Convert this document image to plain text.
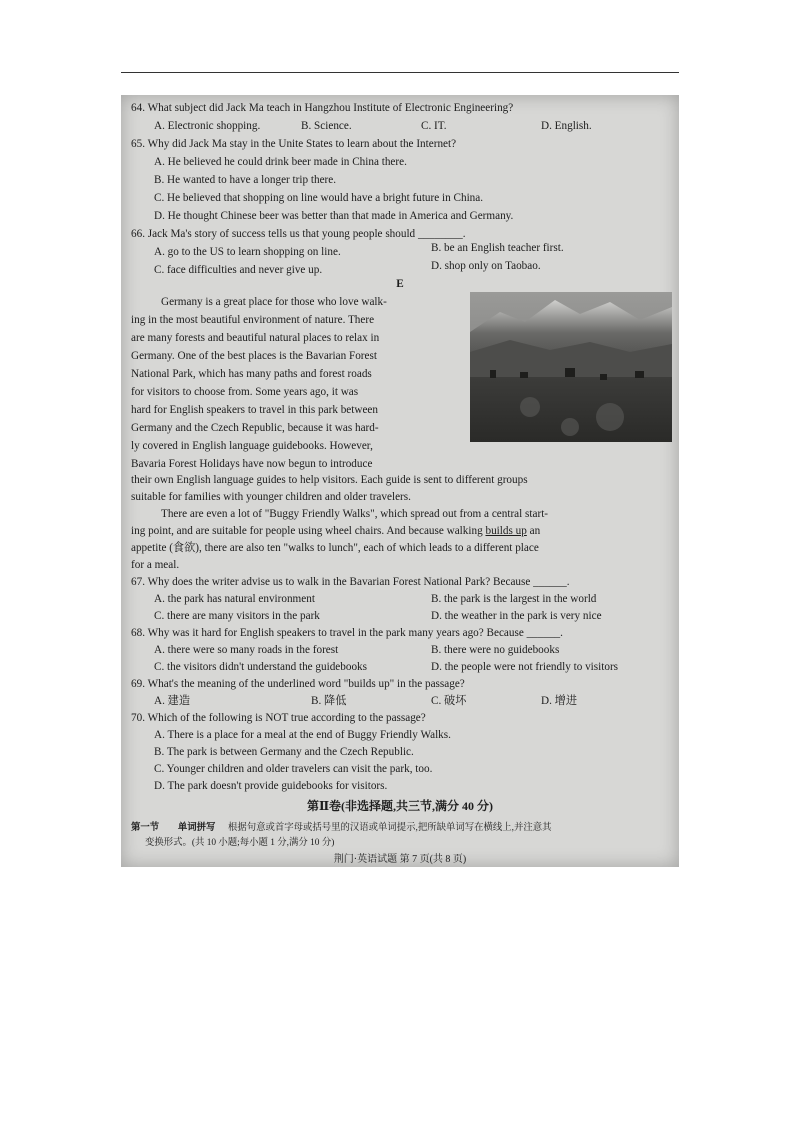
64. What subject did Jack Ma teach in Hangzhou Institute of Electronic Engineering?
A. Electronic shopping.	B. Science.	C. IT.	D. English.
65. Why did Jack Ma stay in the Unite States to learn about the Internet?
A. He believed he could drink beer made in China there.
B. He wanted to have a longer trip there.
C. He believed that shopping on line would have a bright future in China.
D. He thought Chinese beer was better than that made in America and Germany.
66. Jack Ma's story of success tells us that young people should ________.
A. go to the US to learn shopping on line.	B. be an English teacher first.
C. face difficulties and never give up.	D. shop only on Taobao.
E
Germany is a great place for those who love walk-
ing in the most beautiful environment of nature. There
are many forests and beautiful natural places to relax in
Germany. One of the best places is the Bavarian Forest
National Park, which has many paths and forest roads
for visitors to choose from. Some years ago, it was
hard for English speakers to travel in this park between
Germany and the Czech Republic, because it was hard-
ly covered in English language guidebooks. However,
Bavaria Forest Holidays have now begun to introduce
their own English language guides to help visitors. Each guide is sent to different groups
suitable for families with younger children and older travelers.
There are even a lot of "Buggy Friendly Walks", which spread out from a central start-
ing point, and are suitable for people using wheel chairs. And because walking builds up an
appetite (食欲), there are also ten "walks to lunch", each of which leads to a different place
for a meal.
67. Why does the writer advise us to walk in the Bavarian Forest National Park? Because ______.
A. the park has natural environment	B. the park is the largest in the world
C. there are many visitors in the park	D. the weather in the park is very nice
68. Why was it hard for English speakers to travel in the park many years ago? Because ______.
A. there were so many roads in the forest	B. there were no guidebooks
C. the visitors didn't understand the guidebooks	D. the people were not friendly to visitors
69. What's the meaning of the underlined word "builds up" in the passage?
A. 建造	B. 降低	C. 破坏	D. 增进
70. Which of the following is NOT true according to the passage?
A. There is a place for a meal at the end of Buggy Friendly Walks.
B. The park is between Germany and the Czech Republic.
C. Younger children and older travelers can visit the park, too.
D. The park doesn't provide guidebooks for visitors.
第Ⅱ卷(非选择题,共三节,满分 40 分)
第一节 单词拼写 根据句意或首字母或括号里的汉语或单词提示,把所缺单词写在横线上,并注意其
变换形式。(共 10 小题;每小题 1 分,满分 10 分)
荆门·英语试题 第 7 页(共 8 页)
